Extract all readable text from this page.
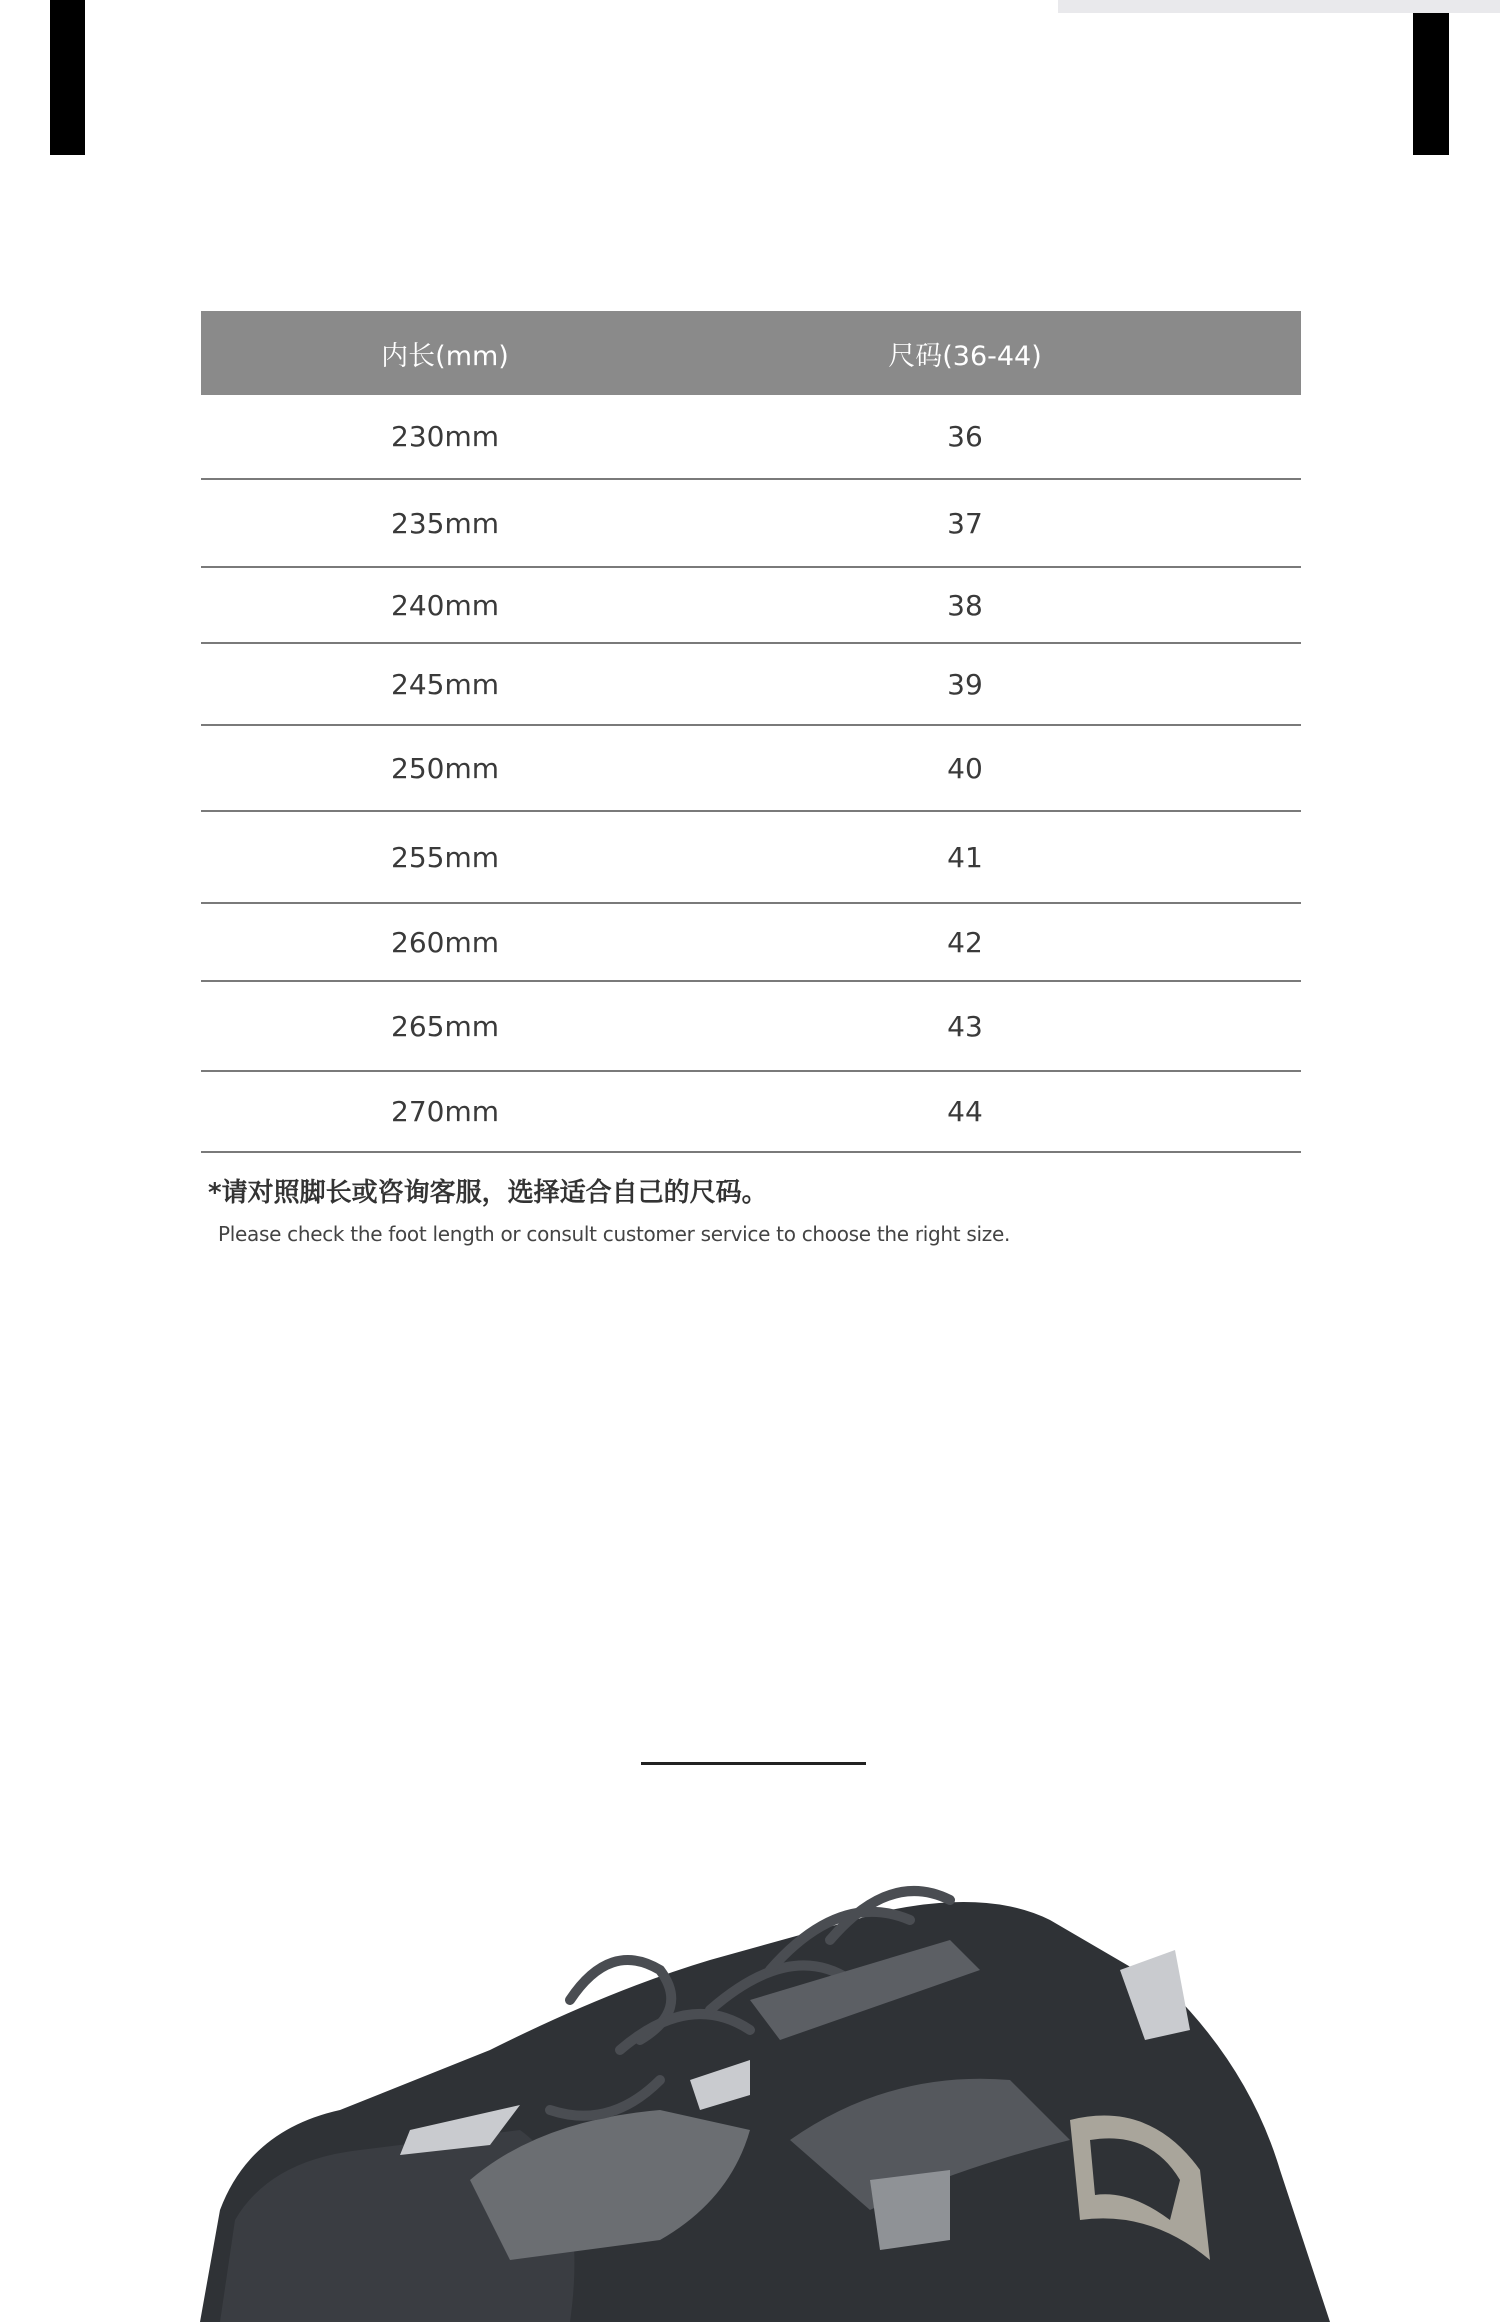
内长(mm)	尺码(36-44)
230mm	36
235mm	37
240mm	38
245mm	39
250mm	40
255mm	41
260mm	42
265mm	43
270mm	44
*请对照脚长或咨询客服，选择适合自己的尺码。
Please check the foot length or consult customer service to choose the right size.
